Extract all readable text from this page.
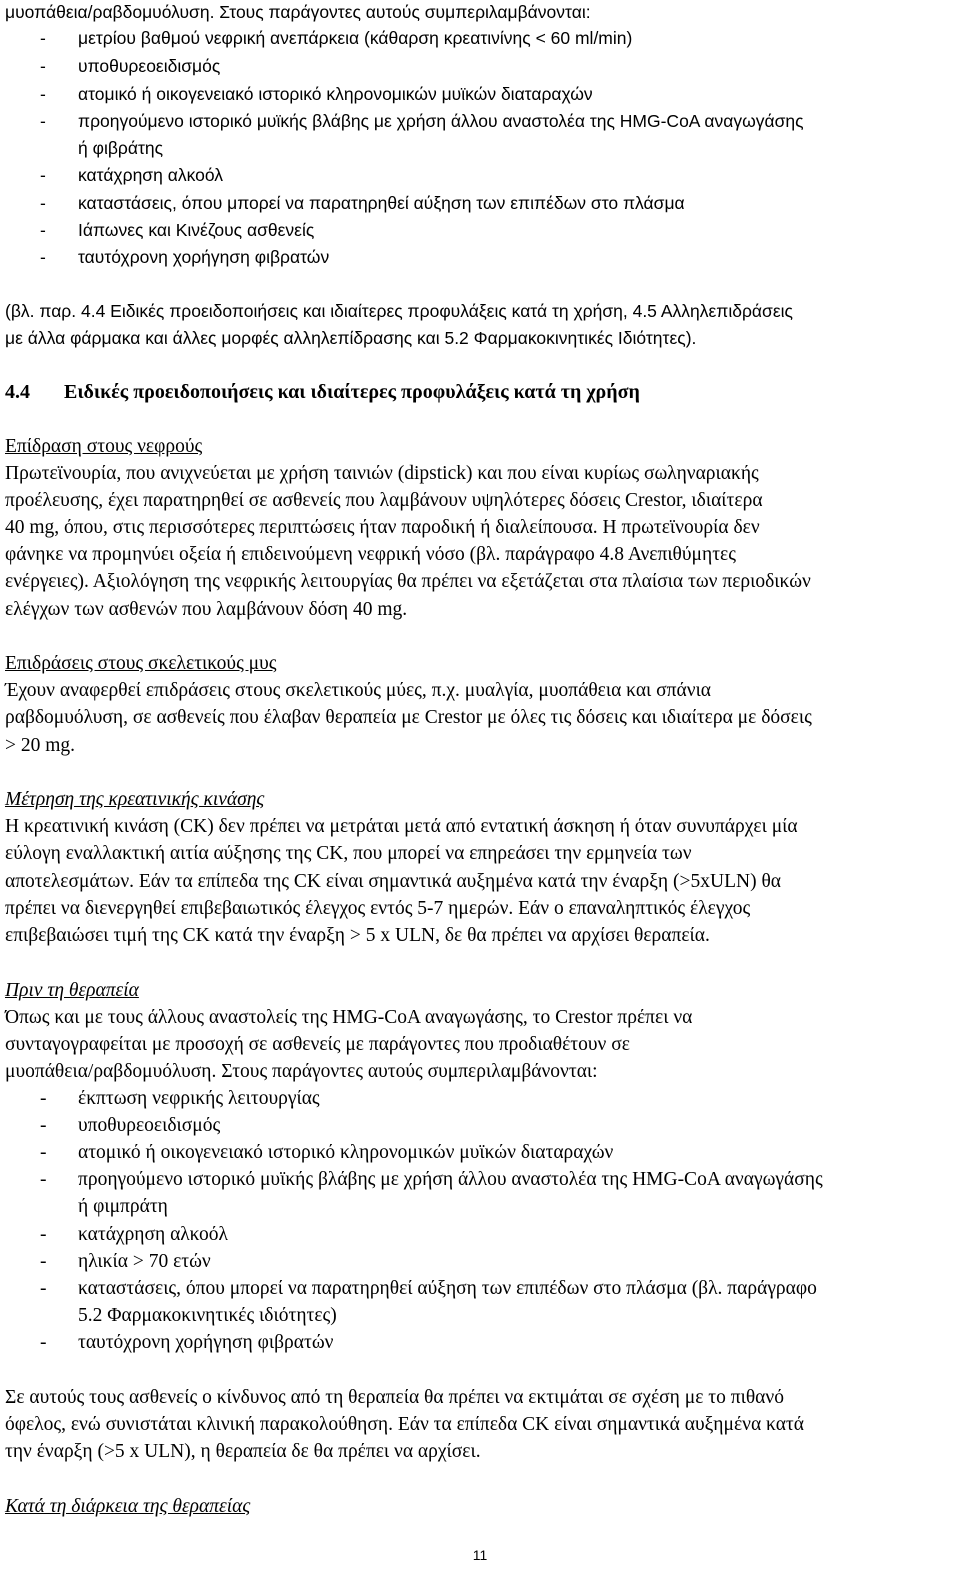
μυοπάθεια/ραβδομυόλυση. Στους παράγοντες αυτούς συμπεριλαμβάνονται:
- μετρίου βαθμού νεφρική ανεπάρκεια (κάθαρση κρεατινίνης < 60 ml/min)
- υποθυρεοειδισμός
- ατομικό ή οικογενειακό ιστορικό κληρονομικών μυϊκών διαταραχών
- προηγούμενο ιστορικό μυϊκής βλάβης με χρήση άλλου αναστολέα της HMG-CoA αναγωγάσης
ή φιβράτης
- κατάχρηση αλκοόλ
- καταστάσεις, όπου μπορεί να παρατηρηθεί αύξηση των επιπέδων στο πλάσμα
- Ιάπωνες και Κινέζους ασθενείς
- ταυτόχρονη χορήγηση φιβρατών
(βλ. παρ. 4.4 Ειδικές προειδοποιήσεις και ιδιαίτερες προφυλάξεις κατά τη χρήση, 4.5 Αλληλεπιδράσεις
με άλλα φάρμακα και άλλες μορφές αλληλεπίδρασης και 5.2 Φαρμακοκινητικές Ιδιότητες).
4.4 Ειδικές προειδοποιήσεις και ιδιαίτερες προφυλάξεις κατά τη χρήση
Επίδραση στους νεφρούς
Πρωτεϊνουρία, που ανιχνεύεται με χρήση ταινιών (dipstick) και που είναι κυρίως σωληναριακής
προέλευσης, έχει παρατηρηθεί σε ασθενείς που λαμβάνουν υψηλότερες δόσεις Crestor, ιδιαίτερα
40 mg, όπου, στις περισσότερες περιπτώσεις ήταν παροδική ή διαλείπουσα. Η πρωτεϊνουρία δεν
φάνηκε να προμηνύει οξεία ή επιδεινούμενη νεφρική νόσο (βλ. παράγραφο 4.8 Ανεπιθύμητες
ενέργειες). Αξιολόγηση της νεφρικής λειτουργίας θα πρέπει να εξετάζεται στα πλαίσια των περιοδικών
ελέγχων των ασθενών που λαμβάνουν δόση 40 mg.
Επιδράσεις στους σκελετικούς μυς
Έχουν αναφερθεί επιδράσεις στους σκελετικούς μύες, π.χ. μυαλγία, μυοπάθεια και σπάνια
ραβδομυόλυση, σε ασθενείς που έλαβαν θεραπεία με Crestor με όλες τις δόσεις και ιδιαίτερα με δόσεις
> 20 mg.
Μέτρηση της κρεατινικής κινάσης
Η κρεατινική κινάση (CK) δεν πρέπει να μετράται μετά από εντατική άσκηση ή όταν συνυπάρχει μία
εύλογη εναλλακτική αιτία αύξησης της CK, που μπορεί να επηρεάσει την ερμηνεία των
αποτελεσμάτων. Εάν τα επίπεδα της CK είναι σημαντικά αυξημένα κατά την έναρξη (>5xULN) θα
πρέπει να διενεργηθεί επιβεβαιωτικός έλεγχος εντός 5-7 ημερών. Εάν ο επαναληπτικός έλεγχος
επιβεβαιώσει τιμή της CK κατά την έναρξη > 5 x ULN, δε θα πρέπει να αρχίσει θεραπεία.
Πριν τη θεραπεία
Όπως και με τους άλλους αναστολείς της HMG-CoA αναγωγάσης, το Crestor πρέπει να
συνταγογραφείται με προσοχή σε ασθενείς με παράγοντες που προδιαθέτουν σε
μυοπάθεια/ραβδομυόλυση. Στους παράγοντες αυτούς συμπεριλαμβάνονται:
- έκπτωση νεφρικής λειτουργίας
- υποθυρεοειδισμός
- ατομικό ή οικογενειακό ιστορικό κληρονομικών μυϊκών διαταραχών
- προηγούμενο ιστορικό μυϊκής βλάβης με χρήση άλλου αναστολέα της HMG-CoA αναγωγάσης
ή φιμπράτη
- κατάχρηση αλκοόλ
- ηλικία > 70 ετών
- καταστάσεις, όπου μπορεί να παρατηρηθεί αύξηση των επιπέδων στο πλάσμα (βλ. παράγραφο
5.2 Φαρμακοκινητικές ιδιότητες)
- ταυτόχρονη χορήγηση φιβρατών
Σε αυτούς τους ασθενείς ο κίνδυνος από τη θεραπεία θα πρέπει να εκτιμάται σε σχέση με το πιθανό
όφελος, ενώ συνιστάται κλινική παρακολούθηση. Εάν τα επίπεδα CK είναι σημαντικά αυξημένα κατά
την έναρξη (>5 x ULN), η θεραπεία δε θα πρέπει να αρχίσει.
Κατά τη διάρκεια της θεραπείας
11
